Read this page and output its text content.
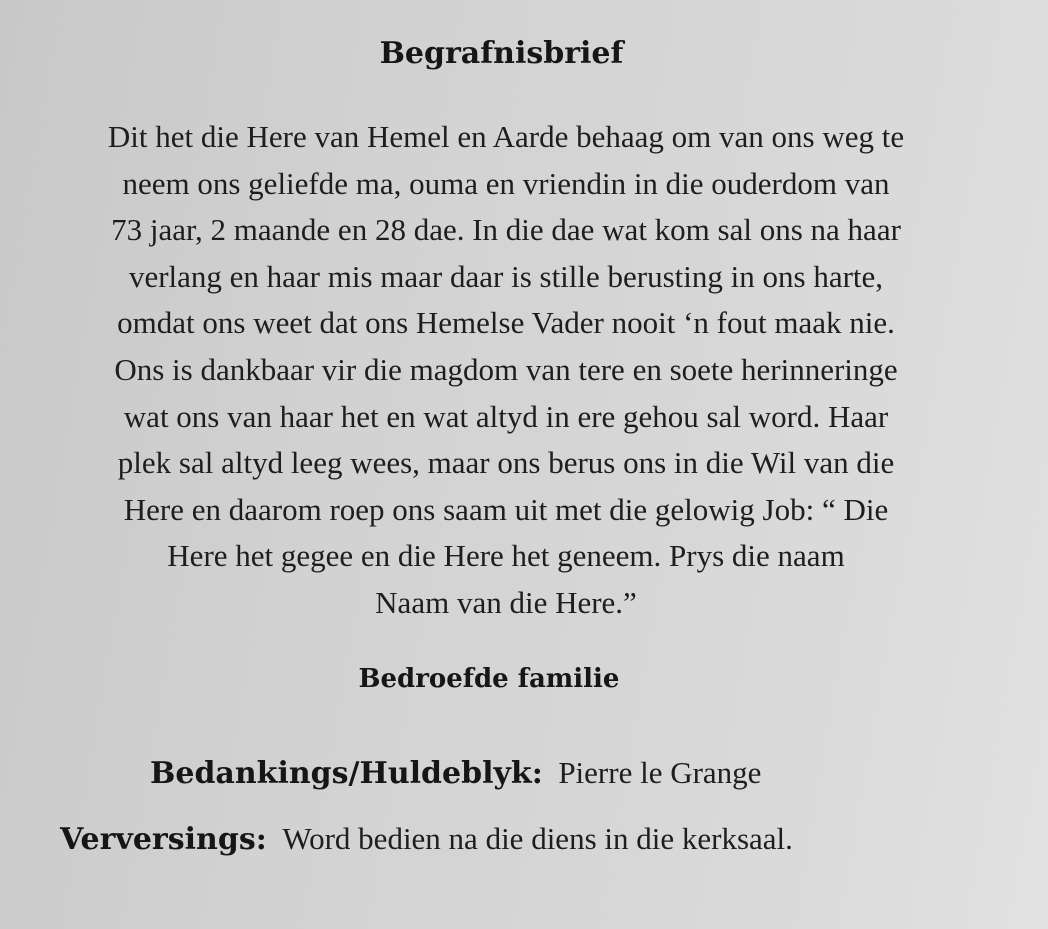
Begrafnisbrief
Dit het die Here van Hemel en Aarde behaag om van ons weg te
neem ons geliefde ma, ouma en vriendin in die ouderdom van
73 jaar, 2 maande en 28 dae. In die dae wat kom sal ons na haar
verlang en haar mis maar daar is stille berusting in ons harte,
omdat ons weet dat ons Hemelse Vader nooit ‘n fout maak nie.
Ons is dankbaar vir die magdom van tere en soete herinneringe
wat ons van haar het en wat altyd in ere gehou sal word. Haar
plek sal altyd leeg wees, maar ons berus ons in die Wil van die
Here en daarom roep ons saam uit met die gelowig Job: “ Die
Here het gegee en die Here het geneem. Prys die naam
Naam van die Here.”
Bedroefde familie
Bedankings/Huldeblyk:  Pierre le Grange
Verversings:  Word bedien na die diens in die kerksaal.
